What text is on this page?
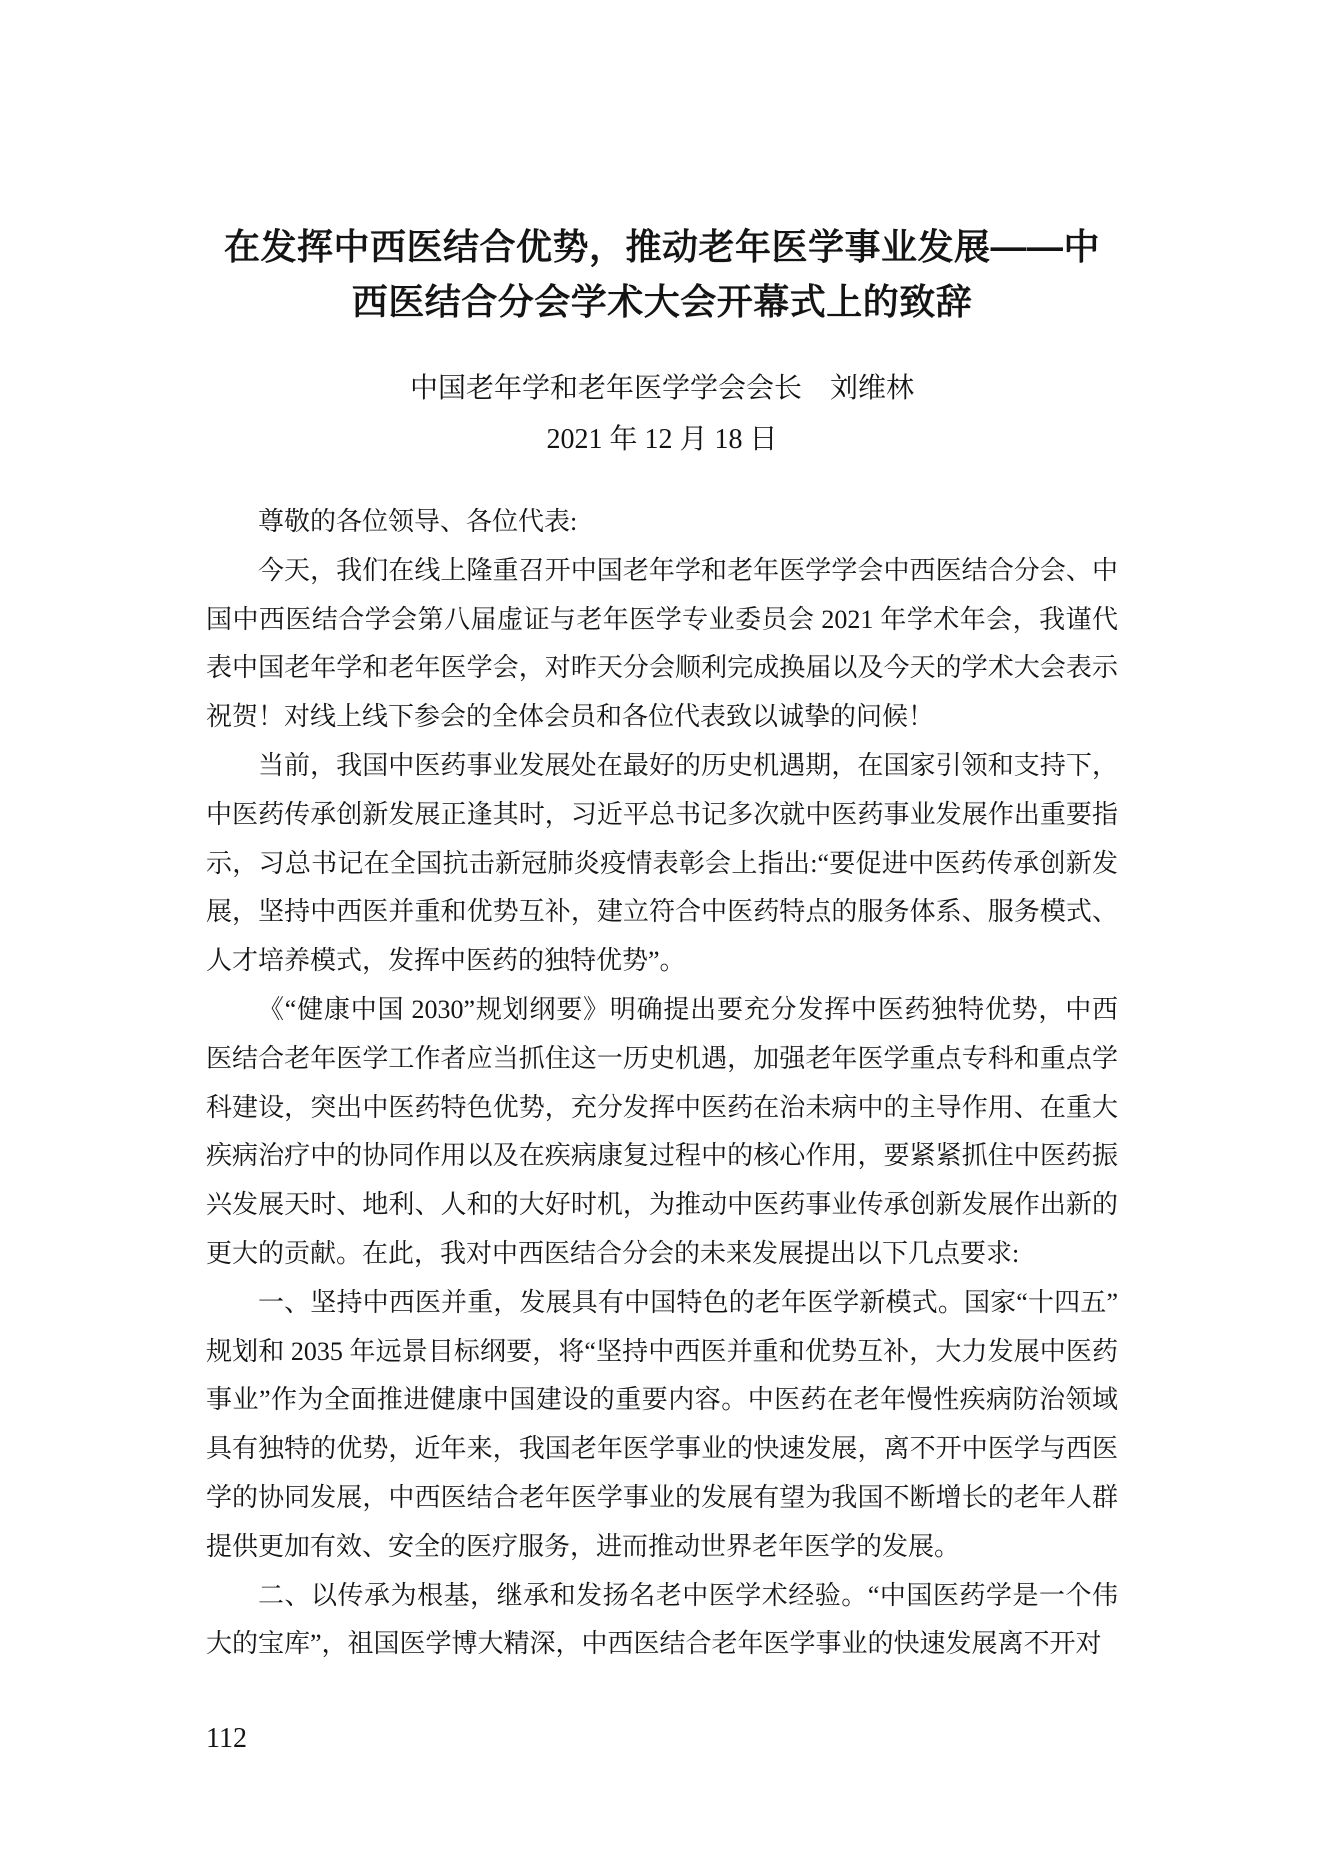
在发挥中西医结合优势，推动老年医学事业发展——中西医结合分会学术大会开幕式上的致辞
中国老年学和老年医学学会会长　刘维林
2021 年 12 月 18 日

尊敬的各位领导、各位代表:

今天，我们在线上隆重召开中国老年学和老年医学学会中西医结合分会、中国中西医结合学会第八届虚证与老年医学专业委员会 2021 年学术年会，我谨代表中国老年学和老年医学会，对昨天分会顺利完成换届以及今天的学术大会表示祝贺！对线上线下参会的全体会员和各位代表致以诚挚的问候！

当前，我国中医药事业发展处在最好的历史机遇期，在国家引领和支持下，中医药传承创新发展正逢其时，习近平总书记多次就中医药事业发展作出重要指示，习总书记在全国抗击新冠肺炎疫情表彰会上指出:“要促进中医药传承创新发展，坚持中西医并重和优势互补，建立符合中医药特点的服务体系、服务模式、人才培养模式，发挥中医药的独特优势”。

《“健康中国 2030”规划纲要》明确提出要充分发挥中医药独特优势，中西医结合老年医学工作者应当抓住这一历史机遇，加强老年医学重点专科和重点学科建设，突出中医药特色优势，充分发挥中医药在治未病中的主导作用、在重大疾病治疗中的协同作用以及在疾病康复过程中的核心作用，要紧紧抓住中医药振兴发展天时、地利、人和的大好时机，为推动中医药事业传承创新发展作出新的更大的贡献。在此，我对中西医结合分会的未来发展提出以下几点要求:

一、坚持中西医并重，发展具有中国特色的老年医学新模式。国家“十四五”规划和 2035 年远景目标纲要，将“坚持中西医并重和优势互补，大力发展中医药事业”作为全面推进健康中国建设的重要内容。中医药在老年慢性疾病防治领域具有独特的优势，近年来，我国老年医学事业的快速发展，离不开中医学与西医学的协同发展，中西医结合老年医学事业的发展有望为我国不断增长的老年人群提供更加有效、安全的医疗服务，进而推动世界老年医学的发展。

二、以传承为根基，继承和发扬名老中医学术经验。“中国医药学是一个伟大的宝库”，祖国医学博大精深，中西医结合老年医学事业的快速发展离不开对

112
